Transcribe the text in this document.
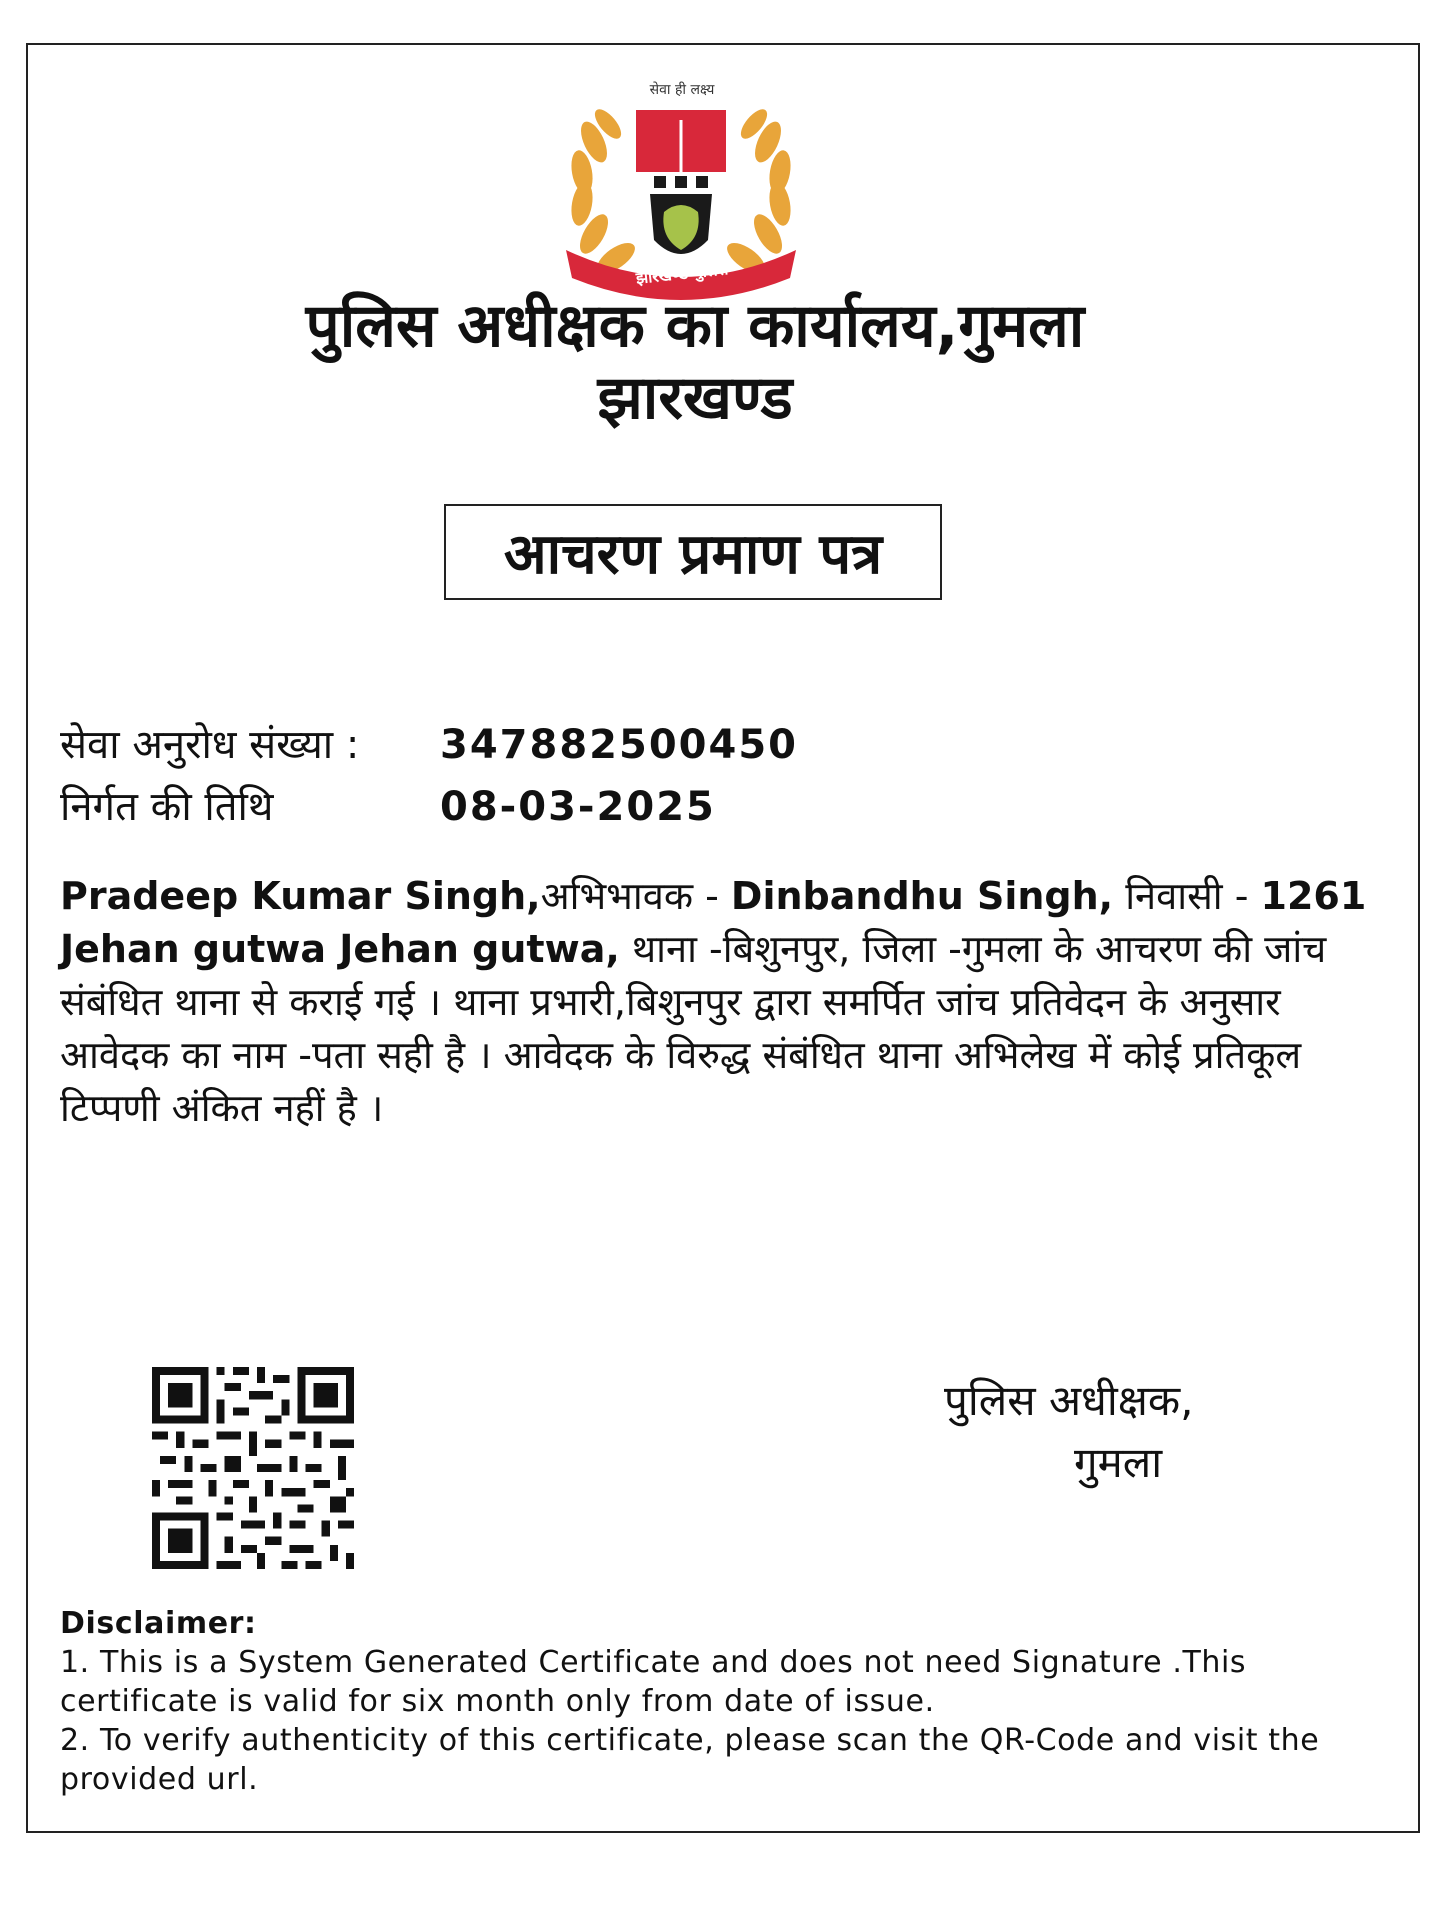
सेवा ही लक्ष्य
झारखण्ड पुलिस
पुलिस अधीक्षक का कार्यालय,गुमला
झारखण्ड
आचरण प्रमाण पत्र
सेवा अनुरोध संख्या : 347882500450
निर्गत की तिथि	08-03-2025
Pradeep Kumar Singh,अभिभावक - Dinbandhu Singh, निवासी - 1261 Jehan gutwa Jehan gutwa, थाना -बिशुनपुर, जिला -गुमला के आचरण की जांच संबंधित थाना से कराई गई । थाना प्रभारी,बिशुनपुर द्वारा समर्पित जांच प्रतिवेदन के अनुसार आवेदक का नाम -पता सही है । आवेदक के विरुद्ध संबंधित थाना अभिलेख में कोई प्रतिकूल टिप्पणी अंकित नहीं है ।
पुलिस अधीक्षक,
गुमला
Disclaimer:
1. This is a System Generated Certificate and does not need Signature .This certificate is valid for six month only from date of issue.
2. To verify authenticity of this certificate, please scan the QR-Code and visit the provided url.
